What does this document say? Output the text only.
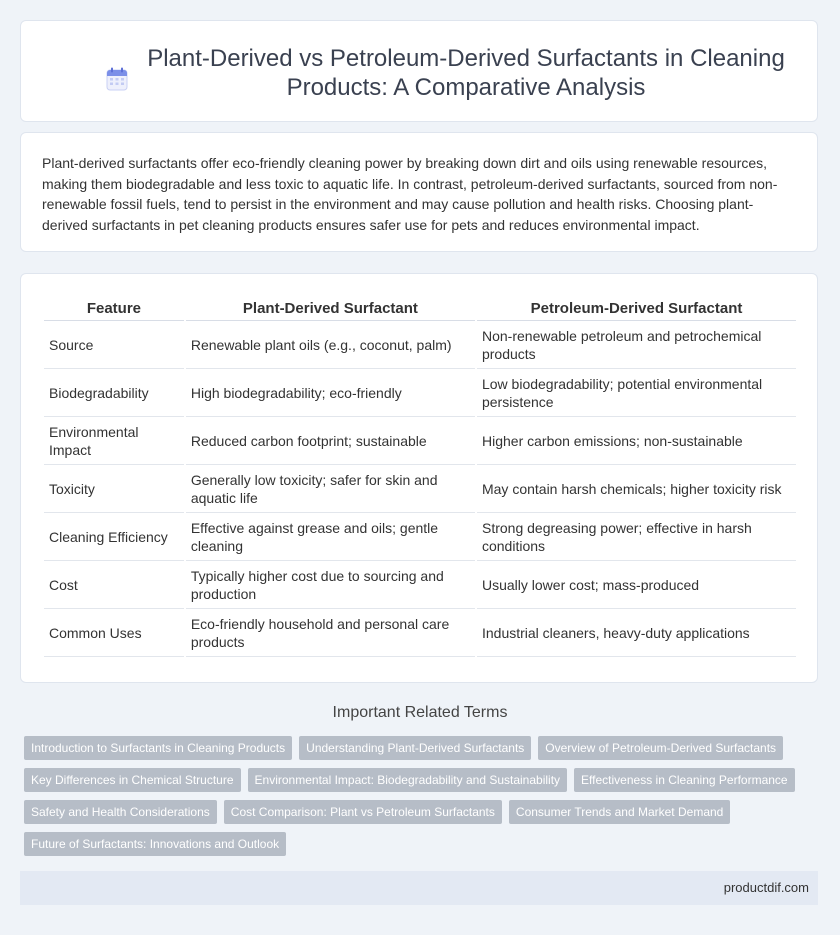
Plant-Derived vs Petroleum-Derived Surfactants in Cleaning Products: A Comparative Analysis

Plant-derived surfactants offer eco-friendly cleaning power by breaking down dirt and oils using renewable resources, making them biodegradable and less toxic to aquatic life. In contrast, petroleum-derived surfactants, sourced from non-renewable fossil fuels, tend to persist in the environment and may cause pollution and health risks. Choosing plant-derived surfactants in pet cleaning products ensures safer use for pets and reduces environmental impact.

Feature	Plant-Derived Surfactant	Petroleum-Derived Surfactant
Source	Renewable plant oils (e.g., coconut, palm)	Non-renewable petroleum and petrochemical products
Biodegradability	High biodegradability; eco-friendly	Low biodegradability; potential environmental persistence
Environmental Impact	Reduced carbon footprint; sustainable	Higher carbon emissions; non-sustainable
Toxicity	Generally low toxicity; safer for skin and aquatic life	May contain harsh chemicals; higher toxicity risk
Cleaning Efficiency	Effective against grease and oils; gentle cleaning	Strong degreasing power; effective in harsh conditions
Cost	Typically higher cost due to sourcing and production	Usually lower cost; mass-produced
Common Uses	Eco-friendly household and personal care products	Industrial cleaners, heavy-duty applications
Important Related Terms
Introduction to Surfactants in Cleaning Products	Understanding Plant-Derived Surfactants	Overview of Petroleum-Derived Surfactants
Key Differences in Chemical Structure	Environmental Impact: Biodegradability and Sustainability	Effectiveness in Cleaning Performance
Safety and Health Considerations	Cost Comparison: Plant vs Petroleum Surfactants	Consumer Trends and Market Demand
Future of Surfactants: Innovations and Outlook
productdif.com
